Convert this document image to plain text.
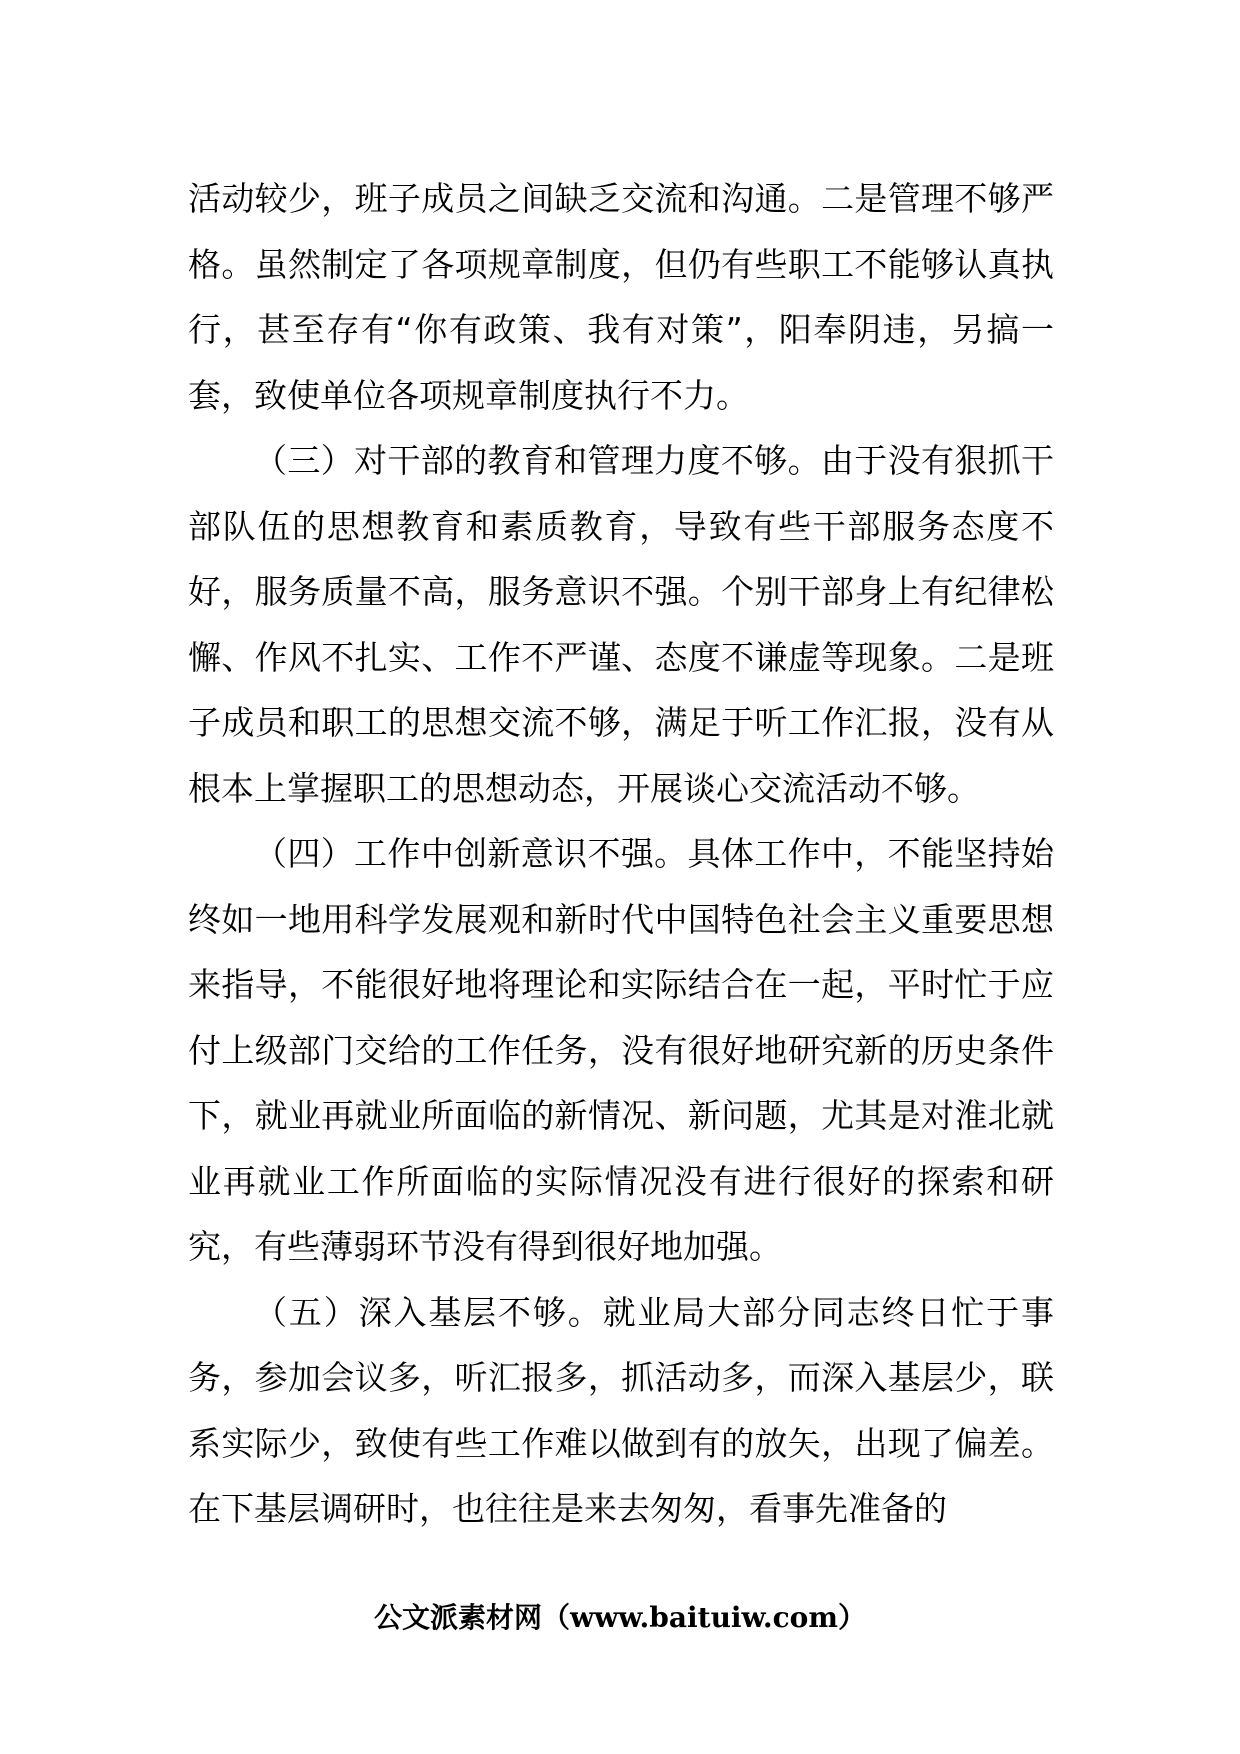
活动较少，班子成员之间缺乏交流和沟通。二是管理不够严格。虽然制定了各项规章制度，但仍有些职工不能够认真执行，甚至存有“你有政策、我有对策”，阳奉阴违，另搞一套，致使单位各项规章制度执行不力。

（三）对干部的教育和管理力度不够。由于没有狠抓干部队伍的思想教育和素质教育，导致有些干部服务态度不好，服务质量不高，服务意识不强。个别干部身上有纪律松懈、作风不扎实、工作不严谨、态度不谦虚等现象。二是班子成员和职工的思想交流不够，满足于听工作汇报，没有从根本上掌握职工的思想动态，开展谈心交流活动不够。

（四）工作中创新意识不强。具体工作中，不能坚持始终如一地用科学发展观和新时代中国特色社会主义重要思想来指导，不能很好地将理论和实际结合在一起，平时忙于应付上级部门交给的工作任务，没有很好地研究新的历史条件下，就业再就业所面临的新情况、新问题，尤其是对淮北就业再就业工作所面临的实际情况没有进行很好的探索和研究，有些薄弱环节没有得到很好地加强。

（五）深入基层不够。就业局大部分同志终日忙于事务，参加会议多，听汇报多，抓活动多，而深入基层少，联系实际少，致使有些工作难以做到有的放矢，出现了偏差。在下基层调研时，也往往是来去匆匆，看事先准备的

公文派素材网（www.baituiw.com）
